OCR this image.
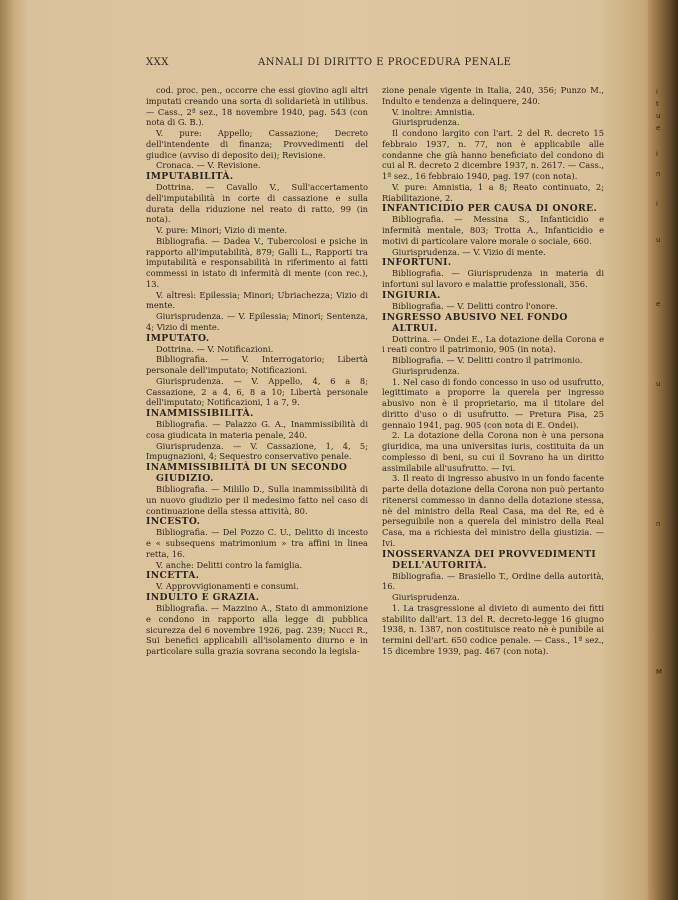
XXX	ANNALI DI DIRITTO E PROCEDURA PENALE

cod. proc. pen., occorre che essi giovino agli altri imputati creando una sorta di solidarietà in utilibus. — Cass., 2ª sez., 18 novembre 1940, pag. 543 (con nota di G. B.).

V. pure: Appello; Cassazione; Decreto dell'intendente di finanza; Provvedimenti del giudice (avviso di deposito dei); Revisione.

Cronaca. — V. Revisione.

IMPUTABILITÀ.

Dottrina. — Cavallo V., Sull'accertamento dell'imputabilità in corte di cassazione e sulla durata della riduzione nel reato di ratto, 99 (in nota).

V. pure: Minori; Vizio di mente.

Bibliografia. — Dadea V., Tubercolosi e psiche in rapporto all'imputabilità, 879; Galli L., Rapporti tra imputabilità e responsabilità in riferimento ai fatti commessi in istato di infermità di mente (con rec.), 13.

V. altresì: Epilessia; Minori; Ubriachezza; Vizio di mente.

Giurisprudenza. — V. Epilessia; Minori; Sentenza, 4; Vizio di mente.

IMPUTATO.

Dottrina. — V. Notificazioni.

Bibliografia. — V. Interrogatorio; Libertà personale dell'imputato; Notificazioni.

Giurisprudenza. — V. Appello, 4, 6 a 8; Cassazione, 2 a 4, 6, 8 a 10; Libertà personale dell'imputato; Notificazioni, 1 a 7, 9.

INAMMISSIBILITÀ.

Bibliografia. — Palazzo G. A., Inammissibilità di cosa giudicata in materia penale, 240.

Giurisprudenza. — V. Cassazione, 1, 4, 5; Impugnazioni, 4; Sequestro conservativo penale.

INAMMISSIBILITÀ DI UN SECONDO GIUDIZIO.

Bibliografia. — Milillo D., Sulla inammissibilità di un nuovo giudizio per il medesimo fatto nel caso di continuazione della stessa attività, 80.

INCESTO.

Bibliografia. — Del Pozzo C. U., Delitto di incesto e « subsequens matrimonium » tra affini in linea retta, 16.

V. anche: Delitti contro la famiglia.

INCETTA.

V. Approvvigionamenti e consumi.

INDULTO E GRAZIA.

Bibliografia. — Mazzino A., Stato di ammonizione e condono in rapporto alla legge di pubblica sicurezza del 6 novembre 1926, pag. 239; Nucci R., Sui benefici applicabili all'isolamento diurno e in particolare sulla grazia sovrana secondo la legisla-

zione penale vigente in Italia, 240, 356; Punzo M., Indulto e tendenza a delinquere, 240.

V. inoltre: Amnistia.

Giurisprudenza.

Il condono largito con l'art. 2 del R. decreto 15 febbraio 1937, n. 77, non è applicabile alle condanne che già hanno beneficiato del condono di cui al R. decreto 2 dicembre 1937, n. 2617. — Cass., 1ª sez., 16 febbraio 1940, pag. 197 (con nota).

V. pure: Amnistia, 1 a 8; Reato continuato, 2; Riabilitazione, 2.

INFANTICIDIO PER CAUSA DI ONORE.

Bibliografia. — Messina S., Infanticidio e infermità mentale, 803; Trotta A., Infanticidio e motivi di particolare valore morale o sociale, 660.

Giurisprudenza. — V. Vizio di mente.

INFORTUNI.

Bibliografia. — Giurisprudenza in materia di infortuni sul lavoro e malattie professionali, 356.

INGIURIA.

Bibliografia. — V. Delitti contro l'onore.

INGRESSO ABUSIVO NEL FONDO ALTRUI.

Dottrina. — Ondei E., La dotazione della Corona e i reati contro il patrimonio, 905 (in nota).

Bibliografia. — V. Delitti contro il patrimonio.

Giurisprudenza.

1. Nel caso di fondo concesso in uso od usufrutto, legittimato a proporre la querela per ingresso abusivo non è il proprietario, ma il titolare del diritto d'uso o di usufrutto. — Pretura Pisa, 25 gennaio 1941, pag. 905 (con nota di E. Ondei).

2. La dotazione della Corona non è una persona giuridica, ma una universitas iuris, costituita da un complesso di beni, su cui il Sovrano ha un diritto assimilabile all'usufrutto. — Ivi.

3. Il reato di ingresso abusivo in un fondo facente parte della dotazione della Corona non può pertanto ritenersi commesso in danno della dotazione stessa, nè del ministro della Real Casa, ma del Re, ed è perseguibile non a querela del ministro della Real Casa, ma a richiesta del ministro della giustizia. — Ivi.

INOSSERVANZA DEI PROVVEDIMENTI DELL'AUTORITÀ.

Bibliografia. — Brasiello T., Ordine della autorità, 16.

Giurisprudenza.

1. La trasgressione al divieto di aumento dei fitti stabilito dall'art. 13 del R. decreto-legge 16 giugno 1938, n. 1387, non costituisce reato nè è punibile ai termini dell'art. 650 codice penale. — Cass., 1ª sez., 15 dicembre 1939, pag. 467 (con nota).

i
t
u
e
i
n
i
u
e
u
n
M
